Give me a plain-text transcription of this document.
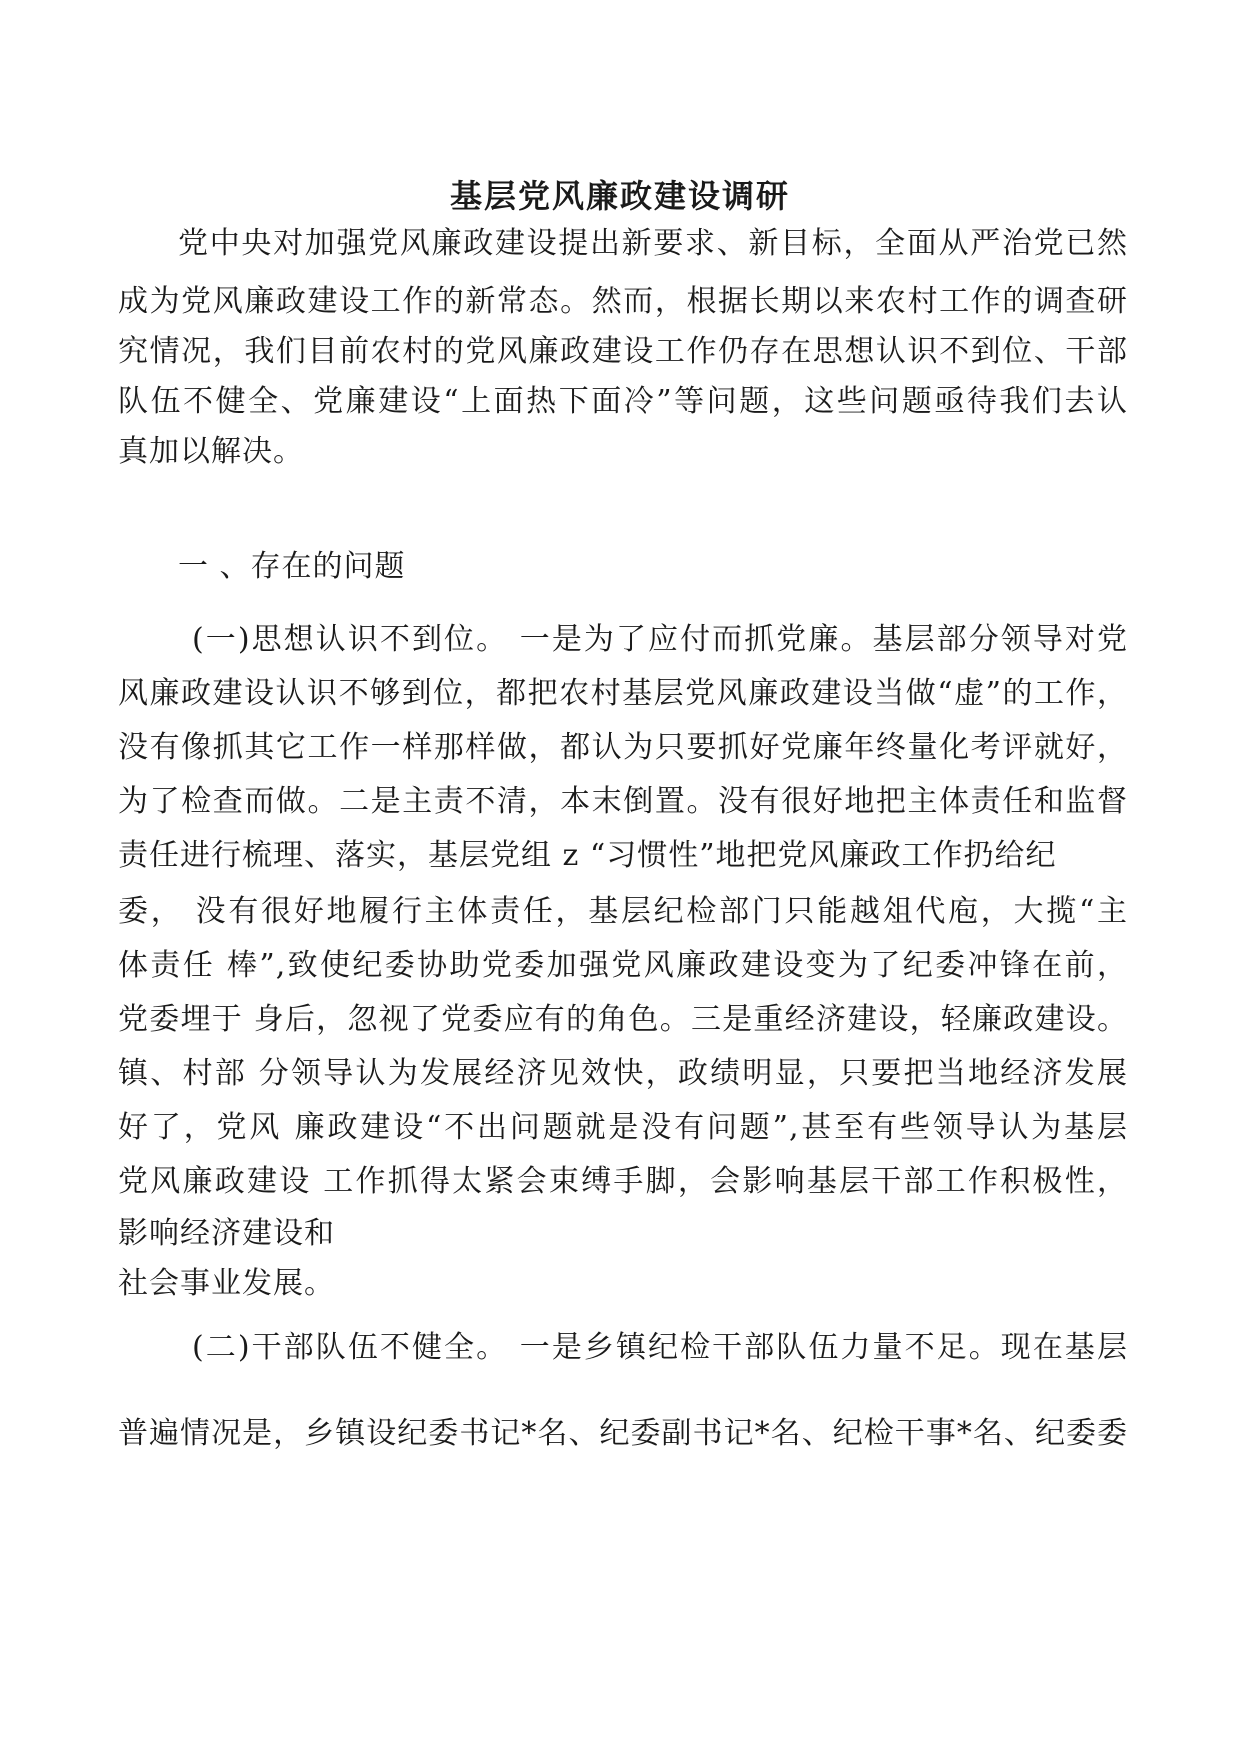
基层党风廉政建设调研
党中央对加强党风廉政建设提出新要求、新目标，全面从严治党已然
成为党风廉政建设工作的新常态。然而，根据长期以来农村工作的调查研
究情况，我们目前农村的党风廉政建设工作仍存在思想认识不到位、干部
队伍不健全、党廉建设“上面热下面冷”等问题，这些问题亟待我们去认
真加以解决。
一 、存在的问题
(一)思想认识不到位。 一是为了应付而抓党廉。基层部分领导对党
风廉政建设认识不够到位，都把农村基层党风廉政建设当做“虚”的工作，
没有像抓其它工作一样那样做，都认为只要抓好党廉年终量化考评就好，
为了检查而做。二是主责不清，本末倒置。没有很好地把主体责任和监督
责任进行梳理、落实，基层党组 z “习惯性”地把党风廉政工作扔给纪
委， 没有很好地履行主体责任，基层纪检部门只能越俎代庖，大揽“主
体责任 棒”,致使纪委协助党委加强党风廉政建设变为了纪委冲锋在前，
党委埋于 身后，忽视了党委应有的角色。三是重经济建设，轻廉政建设。
镇、村部 分领导认为发展经济见效快，政绩明显，只要把当地经济发展
好了，党风 廉政建设“不出问题就是没有问题”,甚至有些领导认为基层
党风廉政建设 工作抓得太紧会束缚手脚，会影响基层干部工作积极性，
影响经济建设和
社会事业发展。
(二)干部队伍不健全。 一是乡镇纪检干部队伍力量不足。现在基层
普遍情况是，乡镇设纪委书记*名、纪委副书记*名、纪检干事*名、纪委委
